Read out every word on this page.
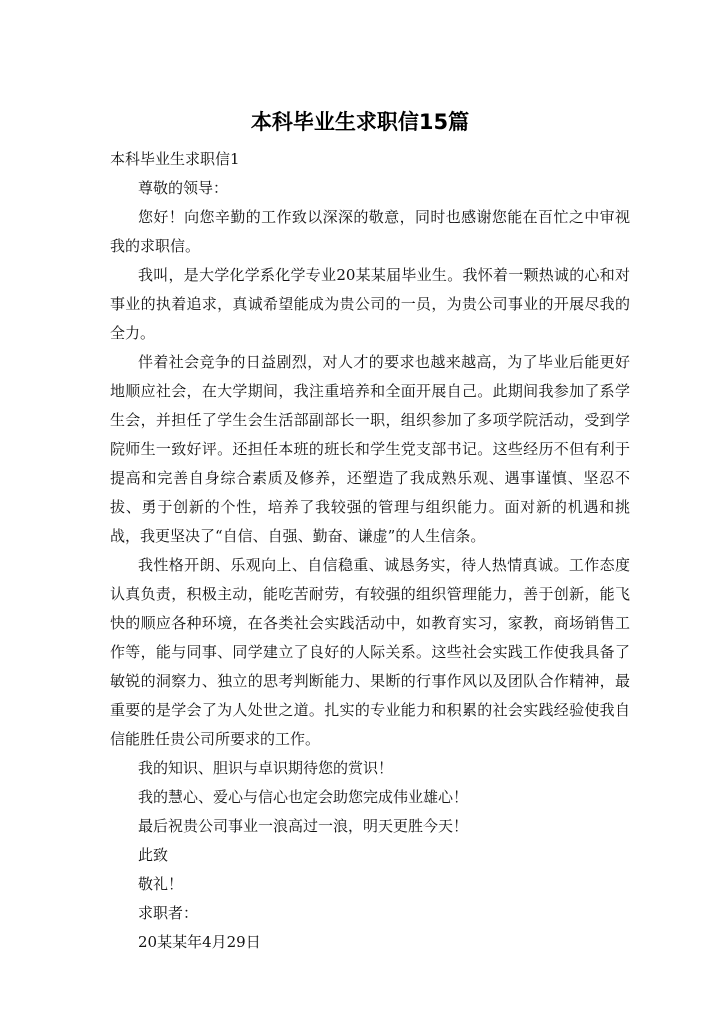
本科毕业生求职信15篇

本科毕业生求职信1

尊敬的领导：

您好！向您辛勤的工作致以深深的敬意，同时也感谢您能在百忙之中审视我的求职信。

我叫，是大学化学系化学专业20某某届毕业生。我怀着一颗热诚的心和对事业的执着追求，真诚希望能成为贵公司的一员，为贵公司事业的开展尽我的全力。

伴着社会竞争的日益剧烈，对人才的要求也越来越高，为了毕业后能更好地顺应社会，在大学期间，我注重培养和全面开展自己。此期间我参加了系学生会，并担任了学生会生活部副部长一职，组织参加了多项学院活动，受到学院师生一致好评。还担任本班的班长和学生党支部书记。这些经历不但有利于提高和完善自身综合素质及修养，还塑造了我成熟乐观、遇事谨慎、坚忍不拔、勇于创新的个性，培养了我较强的管理与组织能力。面对新的机遇和挑战，我更坚决了“自信、自强、勤奋、谦虚”的人生信条。

我性格开朗、乐观向上、自信稳重、诚恳务实，待人热情真诚。工作态度认真负责，积极主动，能吃苦耐劳，有较强的组织管理能力，善于创新，能飞快的顺应各种环境，在各类社会实践活动中，如教育实习，家教，商场销售工作等，能与同事、同学建立了良好的人际关系。这些社会实践工作使我具备了敏锐的洞察力、独立的思考判断能力、果断的行事作风以及团队合作精神，最重要的是学会了为人处世之道。扎实的专业能力和积累的社会实践经验使我自信能胜任贵公司所要求的工作。

我的知识、胆识与卓识期待您的赏识！

我的慧心、爱心与信心也定会助您完成伟业雄心！

最后祝贵公司事业一浪高过一浪，明天更胜今天！

此致

敬礼！

求职者：

20某某年4月29日
